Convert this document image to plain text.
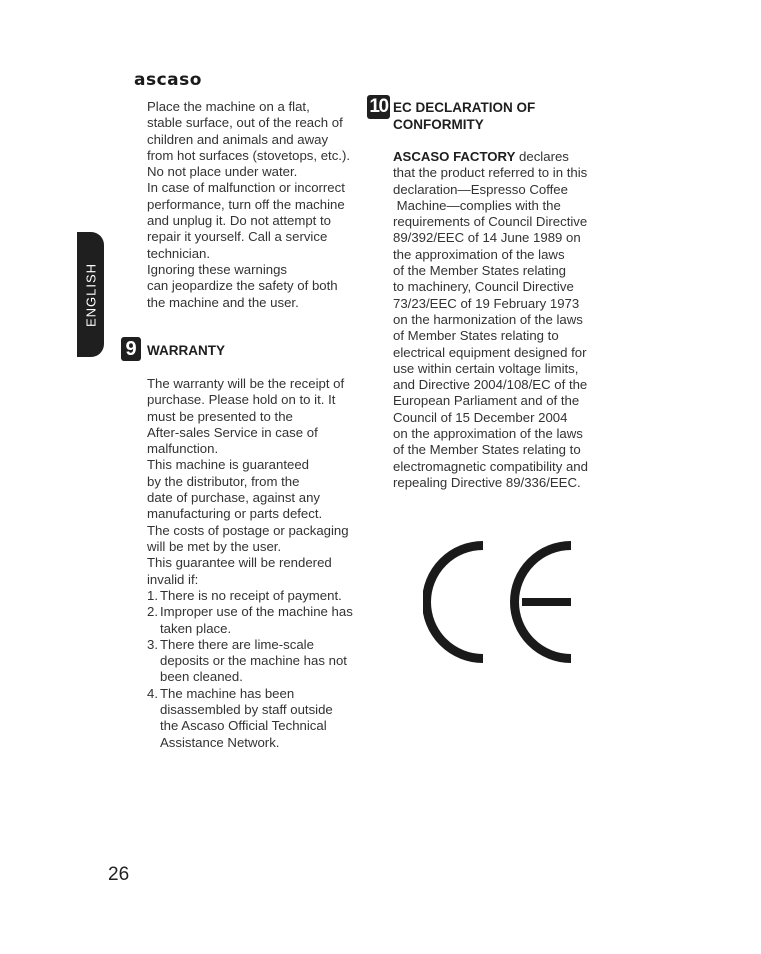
ascaso
ENGLISH
Place the machine on a flat,
stable surface, out of the reach of
children and animals and away
from hot surfaces (stovetops, etc.).
No not place under water.
In case of malfunction or incorrect
performance, turn off the machine
and unplug it. Do not attempt to
repair it yourself. Call a service
technician.
Ignoring these warnings
can jeopardize the safety of both
the machine and the user.
9 WARRANTY
The warranty will be the receipt of
purchase. Please hold on to it. It
must be presented to the
After-sales Service in case of
malfunction.
This machine is guaranteed
by the distributor, from the
date of purchase, against any
manufacturing or parts defect.
The costs of postage or packaging
will be met by the user.
This guarantee will be rendered
invalid if:
1. There is no receipt of payment.
2. Improper use of the machine has
taken place.
3. There there are lime-scale
deposits or the machine has not
been cleaned.
4. The machine has been
disassembled by staff outside
the Ascaso Official Technical
Assistance Network.
10 EC DECLARATION OF
CONFORMITY
ASCASO FACTORY declares
that the product referred to in this
declaration—Espresso Coffee
Machine—complies with the
requirements of Council Directive
89/392/EEC of 14 June 1989 on
the approximation of the laws
of the Member States relating
to machinery, Council Directive
73/23/EEC of 19 February 1973
on the harmonization of the laws
of Member States relating to
electrical equipment designed for
use within certain voltage limits,
and Directive 2004/108/EC of the
European Parliament and of the
Council of 15 December 2004
on the approximation of the laws
of the Member States relating to
electromagnetic compatibility and
repealing Directive 89/336/EEC.
26
